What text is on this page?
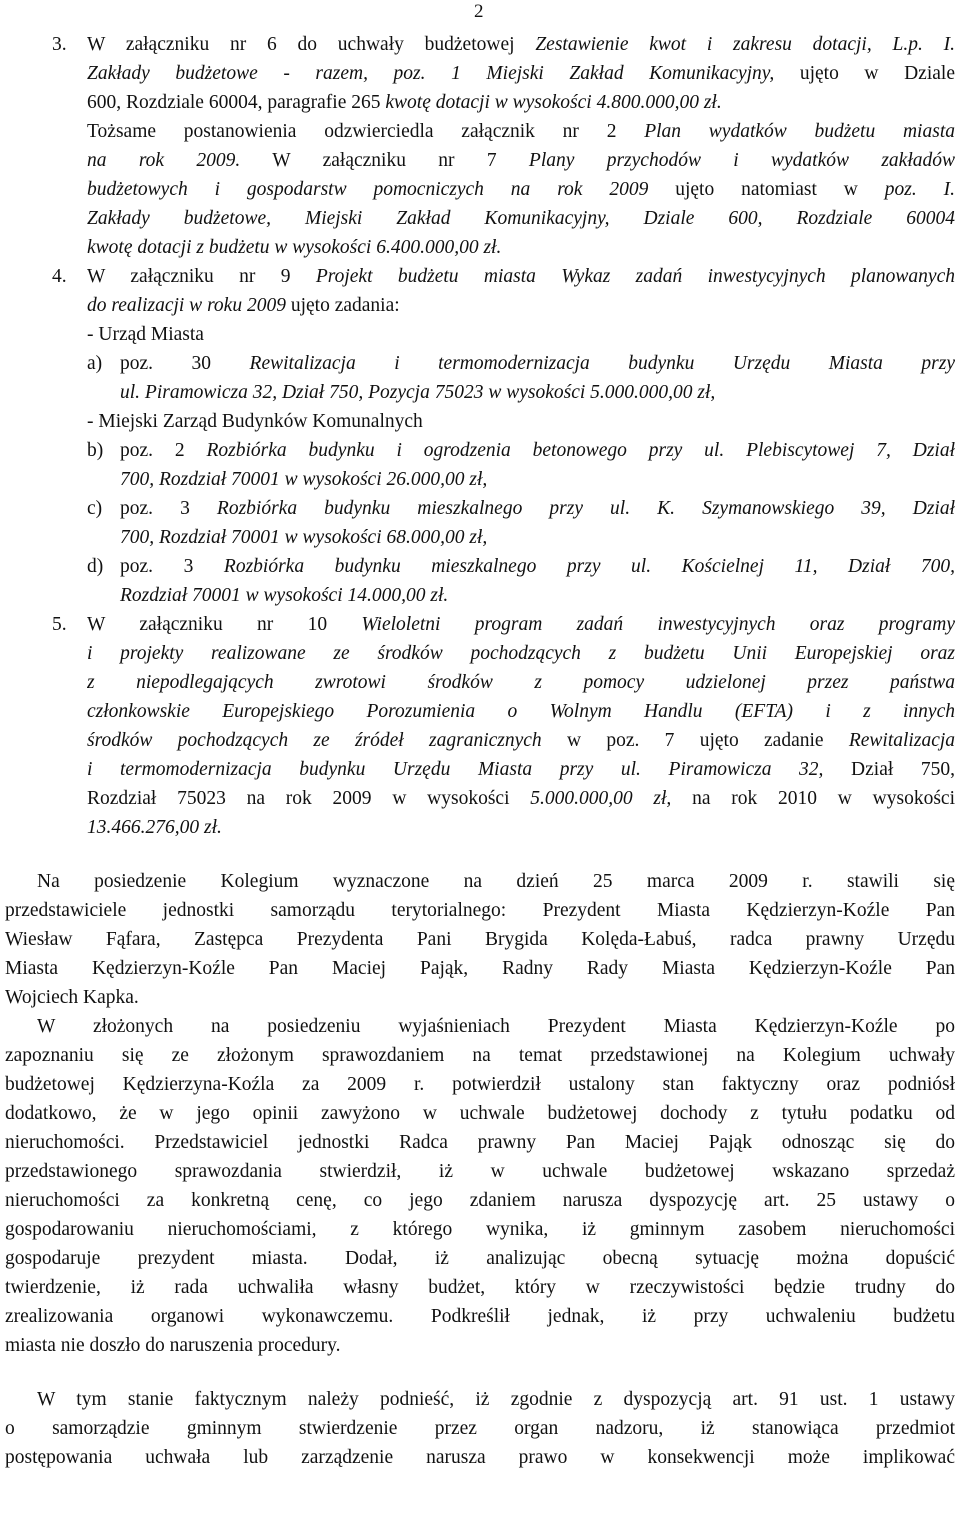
2
3. W załączniku nr 6 do uchwały budżetowej Zestawienie kwot i zakresu dotacji, L.p. I.
Zakłady budżetowe - razem, poz. 1 Miejski Zakład Komunikacyjny, ujęto w Dziale
600, Rozdziale 60004, paragrafie 265 kwotę dotacji w wysokości 4.800.000,00 zł.
Tożsame postanowienia odzwierciedla załącznik nr 2 Plan wydatków budżetu miasta
na rok 2009. W załączniku nr 7 Plany przychodów i wydatków zakładów
budżetowych i gospodarstw pomocniczych na rok 2009 ujęto natomiast w poz. I.
Zakłady budżetowe, Miejski Zakład Komunikacyjny, Dziale 600, Rozdziale 60004
kwotę dotacji z budżetu w wysokości 6.400.000,00 zł.
4. W załączniku nr 9 Projekt budżetu miasta Wykaz zadań inwestycyjnych planowanych
do realizacji w roku 2009 ujęto zadania:
- Urząd Miasta
a) poz. 30 Rewitalizacja i termomodernizacja budynku Urzędu Miasta przy
ul. Piramowicza 32, Dział 750, Pozycja 75023 w wysokości 5.000.000,00 zł,
- Miejski Zarząd Budynków Komunalnych
b) poz. 2 Rozbiórka budynku i ogrodzenia betonowego przy ul. Plebiscytowej 7, Dział
700, Rozdział 70001 w wysokości 26.000,00 zł,
c) poz. 3 Rozbiórka budynku mieszkalnego przy ul. K. Szymanowskiego 39, Dział
700, Rozdział 70001 w wysokości 68.000,00 zł,
d) poz. 3 Rozbiórka budynku mieszkalnego przy ul. Kościelnej 11, Dział 700,
Rozdział 70001 w wysokości 14.000,00 zł.
5. W załączniku nr 10 Wieloletni program zadań inwestycyjnych oraz programy
i projekty realizowane ze środków pochodzących z budżetu Unii Europejskiej oraz
z niepodlegających zwrotowi środków z pomocy udzielonej przez państwa
członkowskie Europejskiego Porozumienia o Wolnym Handlu (EFTA) i z innych
środków pochodzących ze źródeł zagranicznych w poz. 7 ujęto zadanie Rewitalizacja
i termomodernizacja budynku Urzędu Miasta przy ul. Piramowicza 32, Dział 750,
Rozdział 75023 na rok 2009 w wysokości 5.000.000,00 zł, na rok 2010 w wysokości
13.466.276,00 zł.
Na posiedzenie Kolegium wyznaczone na dzień 25 marca 2009 r. stawili się
przedstawiciele jednostki samorządu terytorialnego: Prezydent Miasta Kędzierzyn-Koźle Pan
Wiesław Fąfara, Zastępca Prezydenta Pani Brygida Kolęda-Łabuś, radca prawny Urzędu
Miasta Kędzierzyn-Koźle Pan Maciej Pająk, Radny Rady Miasta Kędzierzyn-Koźle Pan
Wojciech Kapka.
W złożonych na posiedzeniu wyjaśnieniach Prezydent Miasta Kędzierzyn-Koźle po
zapoznaniu się ze złożonym sprawozdaniem na temat przedstawionej na Kolegium uchwały
budżetowej Kędzierzyna-Koźla za 2009 r. potwierdził ustalony stan faktyczny oraz podniósł
dodatkowo, że w jego opinii zawyżono w uchwale budżetowej dochody z tytułu podatku od
nieruchomości. Przedstawiciel jednostki Radca prawny Pan Maciej Pająk odnosząc się do
przedstawionego sprawozdania stwierdził, iż w uchwale budżetowej wskazano sprzedaż
nieruchomości za konkretną cenę, co jego zdaniem narusza dyspozycję art. 25 ustawy o
gospodarowaniu nieruchomościami, z którego wynika, iż gminnym zasobem nieruchomości
gospodaruje prezydent miasta. Dodał, iż analizując obecną sytuację można dopuścić
twierdzenie, iż rada uchwaliła własny budżet, który w rzeczywistości będzie trudny do
zrealizowania organowi wykonawczemu. Podkreślił jednak, iż przy uchwaleniu budżetu
miasta nie doszło do naruszenia procedury.
W tym stanie faktycznym należy podnieść, iż zgodnie z dyspozycją art. 91 ust. 1 ustawy
o samorządzie gminnym stwierdzenie przez organ nadzoru, iż stanowiąca przedmiot
postępowania uchwała lub zarządzenie narusza prawo w konsekwencji może implikować
